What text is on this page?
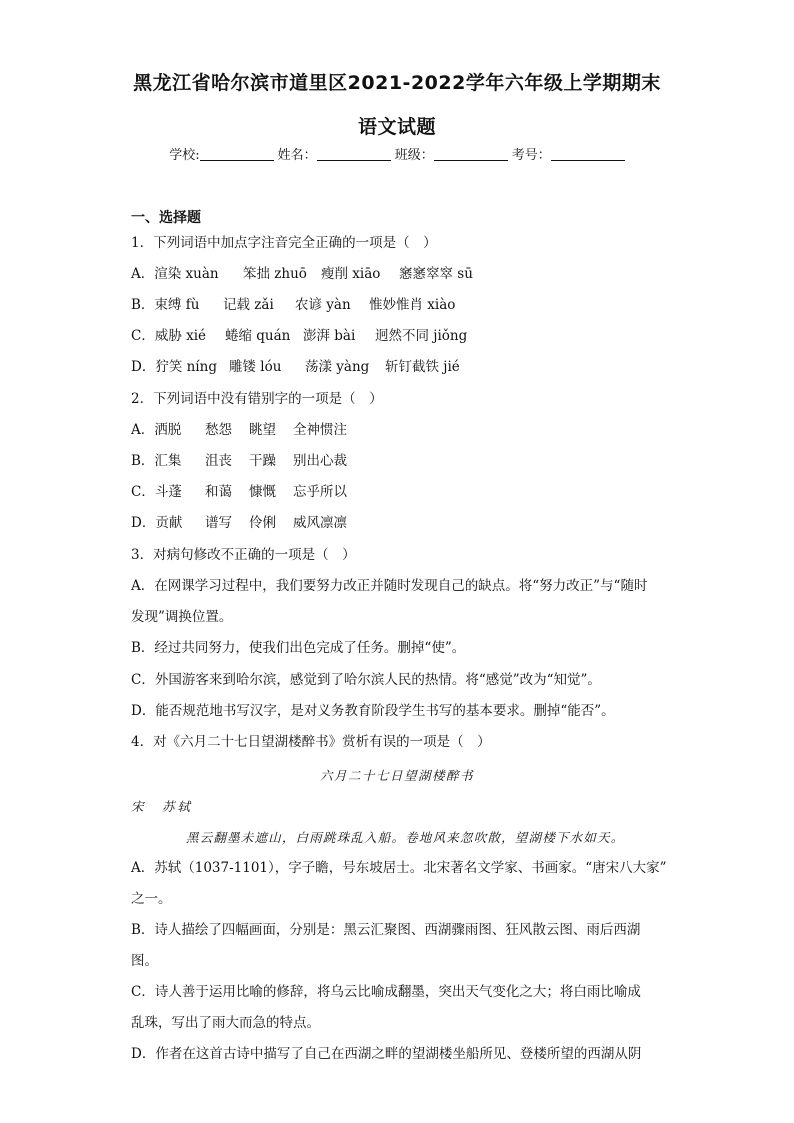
黑龙江省哈尔滨市道里区2021-2022学年六年级上学期期末
语文试题
学校:	姓名：	班级：	考号：
一、选择题
1．下列词语中加点字注音完全正确的一项是（　）
A．渲染 xuàn 笨拙 zhuō 瘦削 xiāo 窸窸窣窣 sū
B．束缚 fù 记载 zǎi 农谚 yàn 惟妙惟肖 xiào
C．威胁 xié 蜷缩 quán 澎湃 bài 迥然不同 jiǒng
D．狞笑 níng 雕镂 lóu 荡漾 yàng 斩钉截铁 jié
2．下列词语中没有错别字的一项是（　）
A．洒脱 愁怨 眺望 全神惯注
B．汇集 沮丧 干躁 别出心裁
C．斗蓬 和蔼 慷慨 忘乎所以
D．贡献 谱写 伶俐 威风凛凛
3．对病句修改不正确的一项是（　）
A．在网课学习过程中，我们要努力改正并随时发现自己的缺点。将“努力改正”与“随时
发现”调换位置。
B．经过共同努力，使我们出色完成了任务。删掉“使”。
C．外国游客来到哈尔滨，感觉到了哈尔滨人民的热情。将“感觉”改为“知觉”。
D．能否规范地书写汉字，是对义务教育阶段学生书写的基本要求。删掉“能否”。
4．对《六月二十七日望湖楼醉书》赏析有误的一项是（　）
六月二十七日望湖楼醉书
宋　苏轼
黑云翻墨未遮山，白雨跳珠乱入船。卷地风来忽吹散，望湖楼下水如天。
A．苏轼（1037-1101），字子瞻，号东坡居士。北宋著名文学家、书画家。“唐宋八大家”
之一。
B．诗人描绘了四幅画面，分别是：黑云汇聚图、西湖骤雨图、狂风散云图、雨后西湖
图。
C．诗人善于运用比喻的修辞，将乌云比喻成翻墨，突出天气变化之大；将白雨比喻成
乱珠，写出了雨大而急的特点。
D．作者在这首古诗中描写了自己在西湖之畔的望湖楼坐船所见、登楼所望的西湖从阴
